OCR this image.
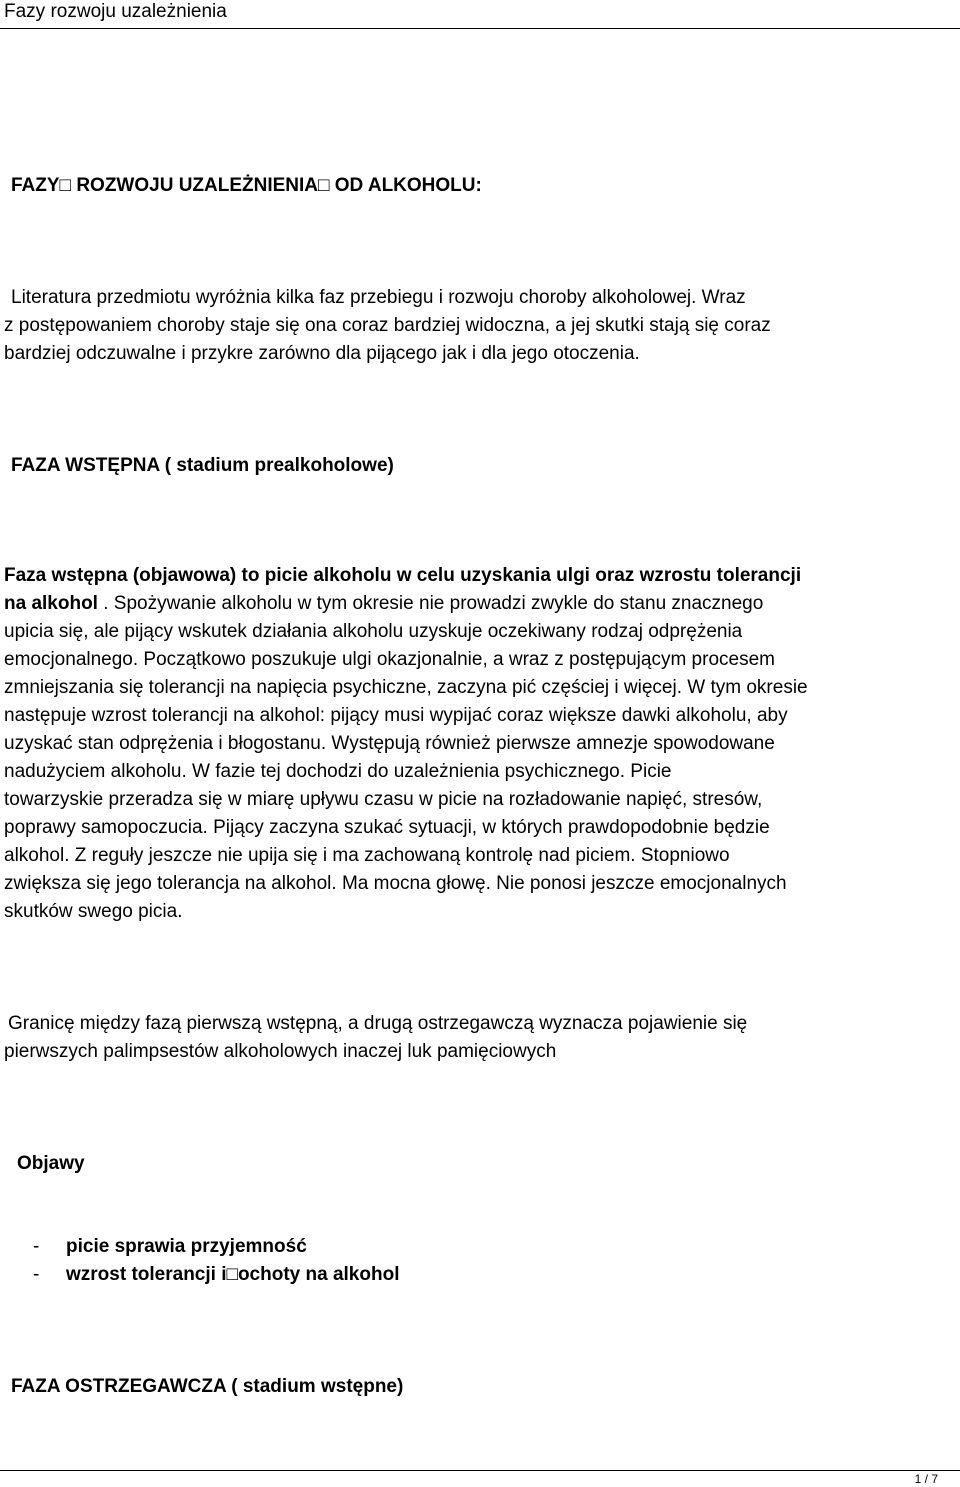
Fazy rozwoju uzależnienia
FAZY□ ROZWOJU UZALEŻNIENIA□ OD ALKOHOLU:
Literatura przedmiotu wyróżnia kilka faz przebiegu i rozwoju choroby alkoholowej. Wraz
z postępowaniem choroby staje się ona coraz bardziej widoczna, a jej skutki stają się coraz
bardziej odczuwalne i przykre zarówno dla pijącego jak i dla jego otoczenia.
FAZA WSTĘPNA ( stadium prealkoholowe)
Faza wstępna (objawowa) to picie alkoholu w celu uzyskania ulgi oraz wzrostu tolerancji
na alkohol . Spożywanie alkoholu w tym okresie nie prowadzi zwykle do stanu znacznego
upicia się, ale pijący wskutek działania alkoholu uzyskuje oczekiwany rodzaj odprężenia
emocjonalnego. Początkowo poszukuje ulgi okazjonalnie, a wraz z postępującym procesem
zmniejszania się tolerancji na napięcia psychiczne, zaczyna pić częściej i więcej. W tym okresie
następuje wzrost tolerancji na alkohol: pijący musi wypijać coraz większe dawki alkoholu, aby
uzyskać stan odprężenia i błogostanu. Występują również pierwsze amnezje spowodowane
nadużyciem alkoholu. W fazie tej dochodzi do uzależnienia psychicznego. Picie
towarzyskie przeradza się w miarę upływu czasu w picie na rozładowanie napięć, stresów,
poprawy samopoczucia. Pijący zaczyna szukać sytuacji, w których prawdopodobnie będzie
alkohol. Z reguły jeszcze nie upija się i ma zachowaną kontrolę nad piciem. Stopniowo
zwiększa się jego tolerancja na alkohol. Ma mocna głowę. Nie ponosi jeszcze emocjonalnych
skutków swego picia.
Granicę między fazą pierwszą wstępną, a drugą ostrzegawczą wyznacza pojawienie się
pierwszych palimpsestów alkoholowych inaczej luk pamięciowych
Objawy
- picie sprawia przyjemność
- wzrost tolerancji i□ochoty na alkohol
FAZA OSTRZEGAWCZA ( stadium wstępne)
1 / 7
